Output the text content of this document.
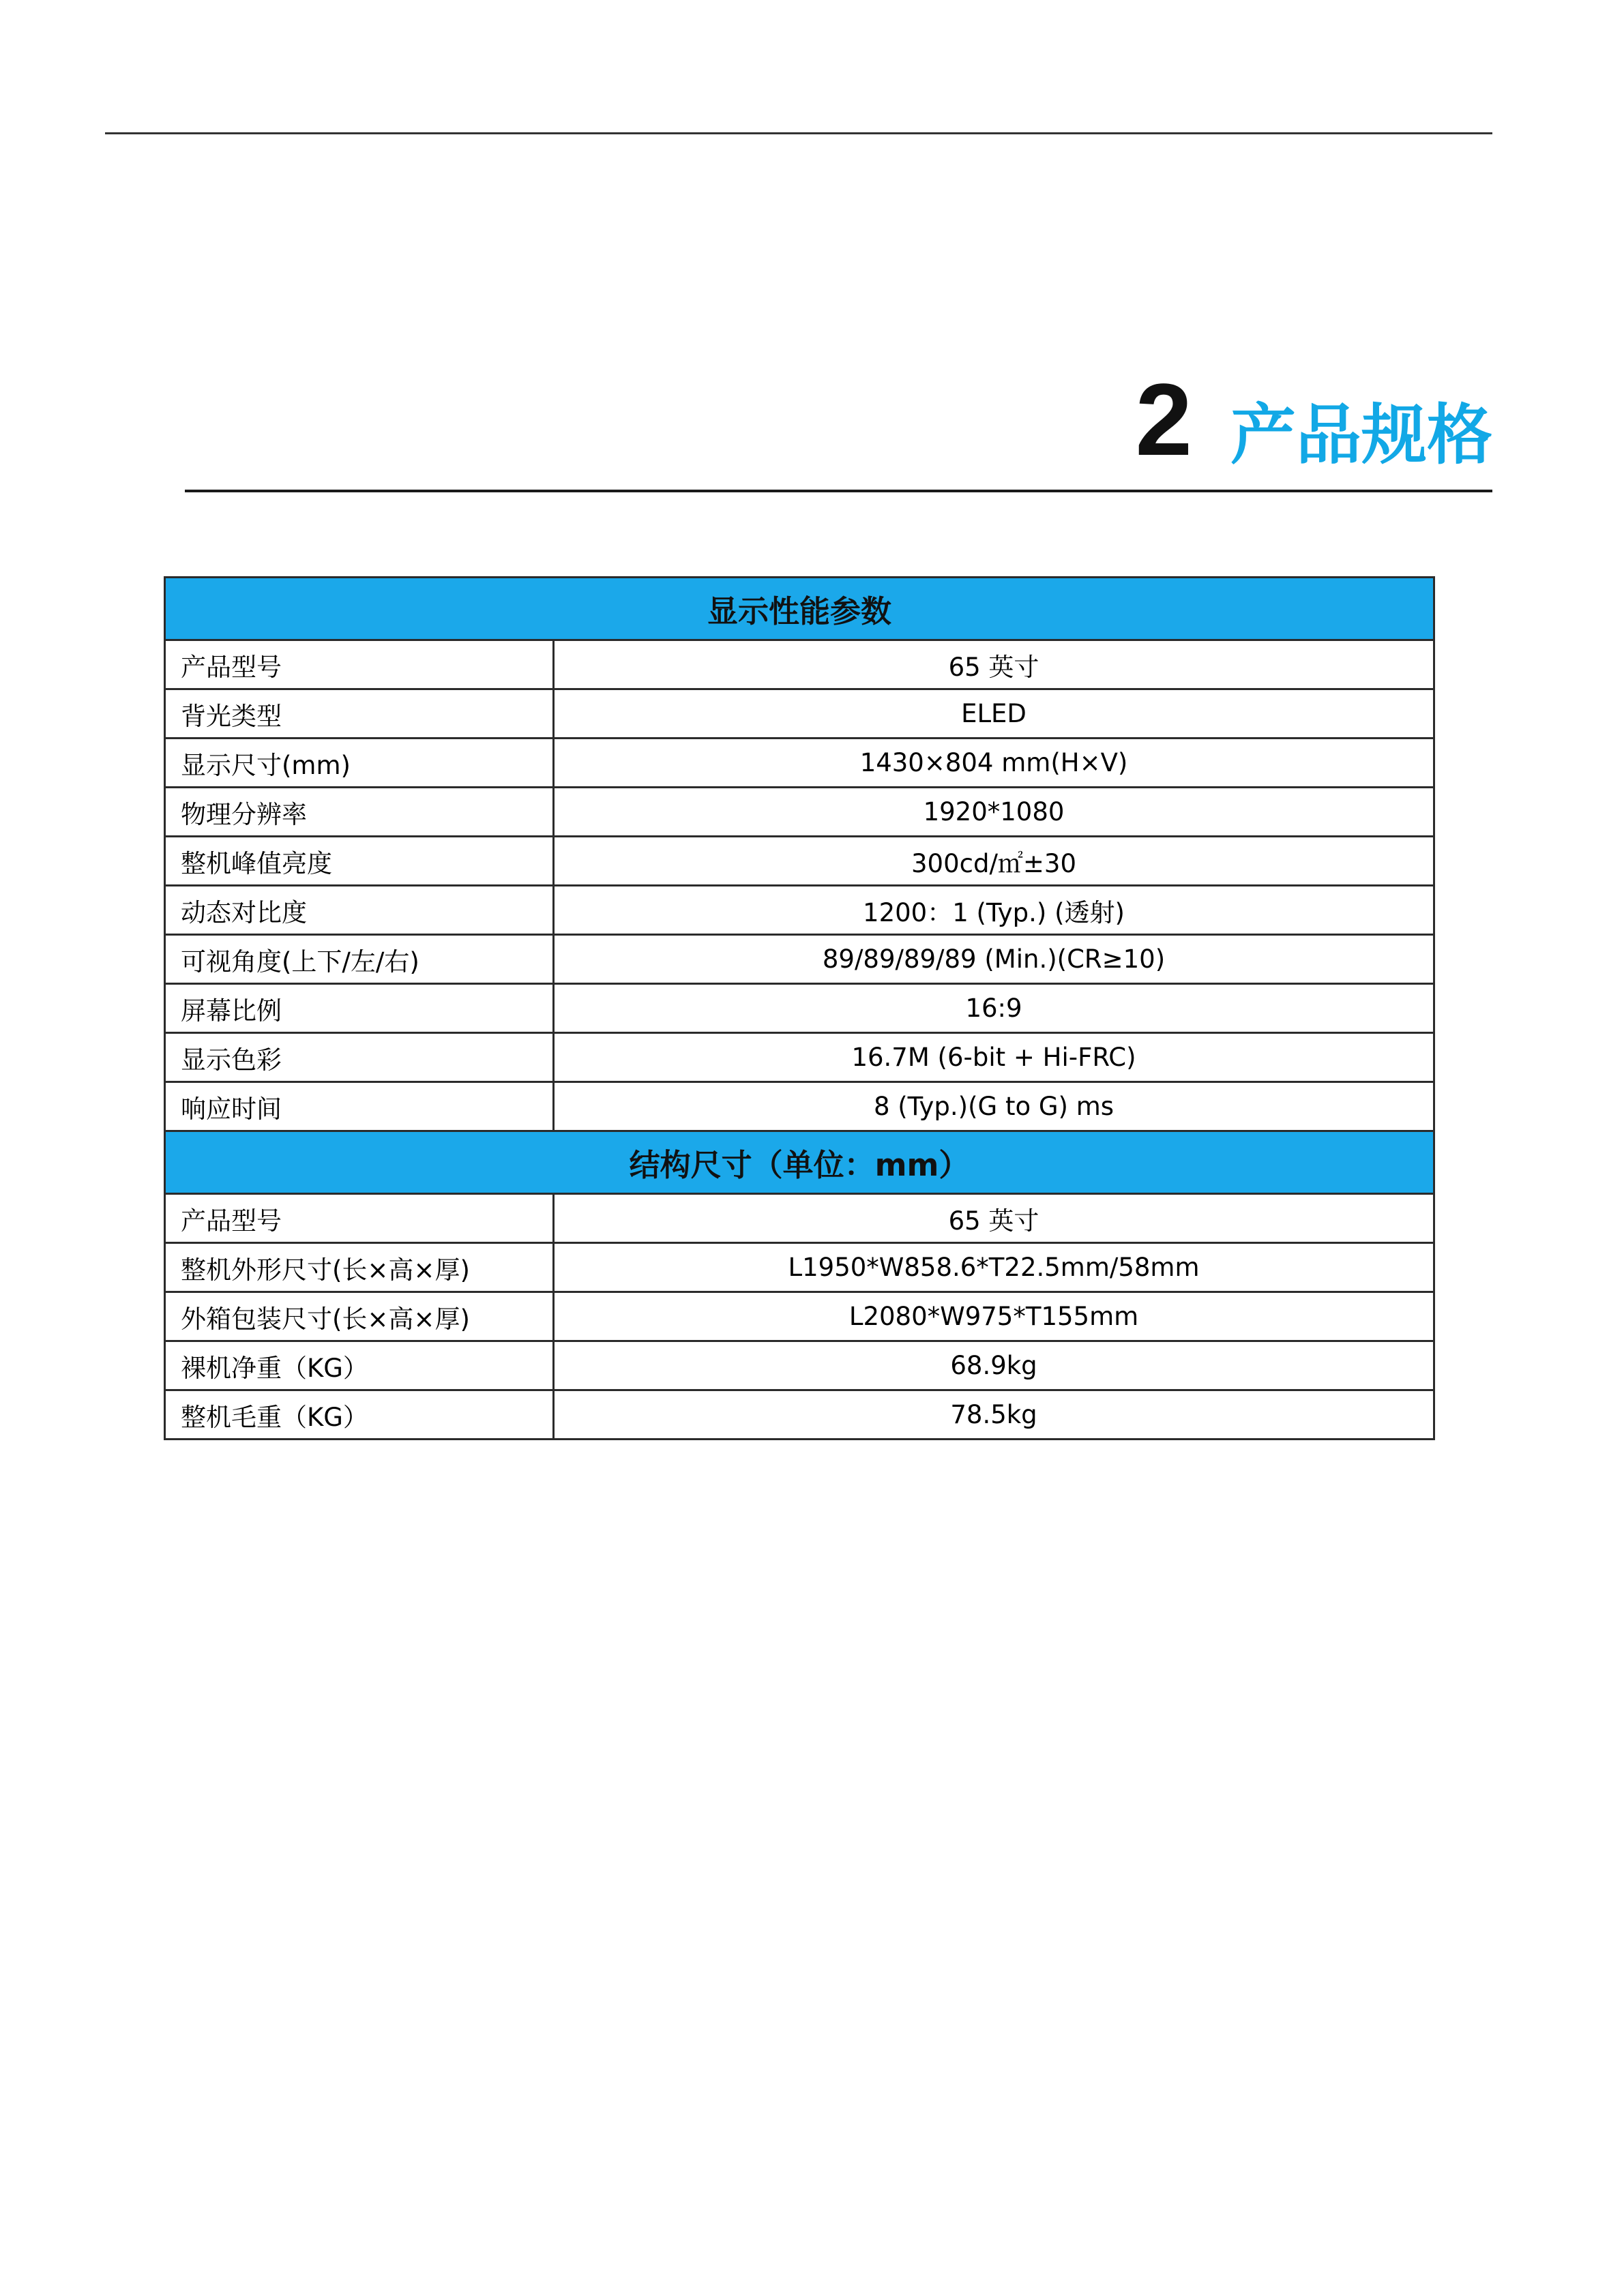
2 产品规格
显示性能参数	
产品型号	65 英寸
背光类型	ELED
显示尺寸(mm)	1430×804 mm(H×V)
物理分辨率	1920*1080
整机峰值亮度	300cd/㎡±30
动态对比度	1200：1 (Typ.) (透射)
可视角度(上下/左/右)	89/89/89/89 (Min.)(CR≥10)
屏幕比例	16:9
显示色彩	16.7M (6-bit + Hi-FRC)
响应时间	8 (Typ.)(G to G) ms
结构尺寸（单位：mm）	
产品型号	65 英寸
整机外形尺寸(长×高×厚)	L1950*W858.6*T22.5mm/58mm
外箱包装尺寸(长×高×厚)	L2080*W975*T155mm
裸机净重（KG）	68.9kg
整机毛重（KG）	78.5kg
